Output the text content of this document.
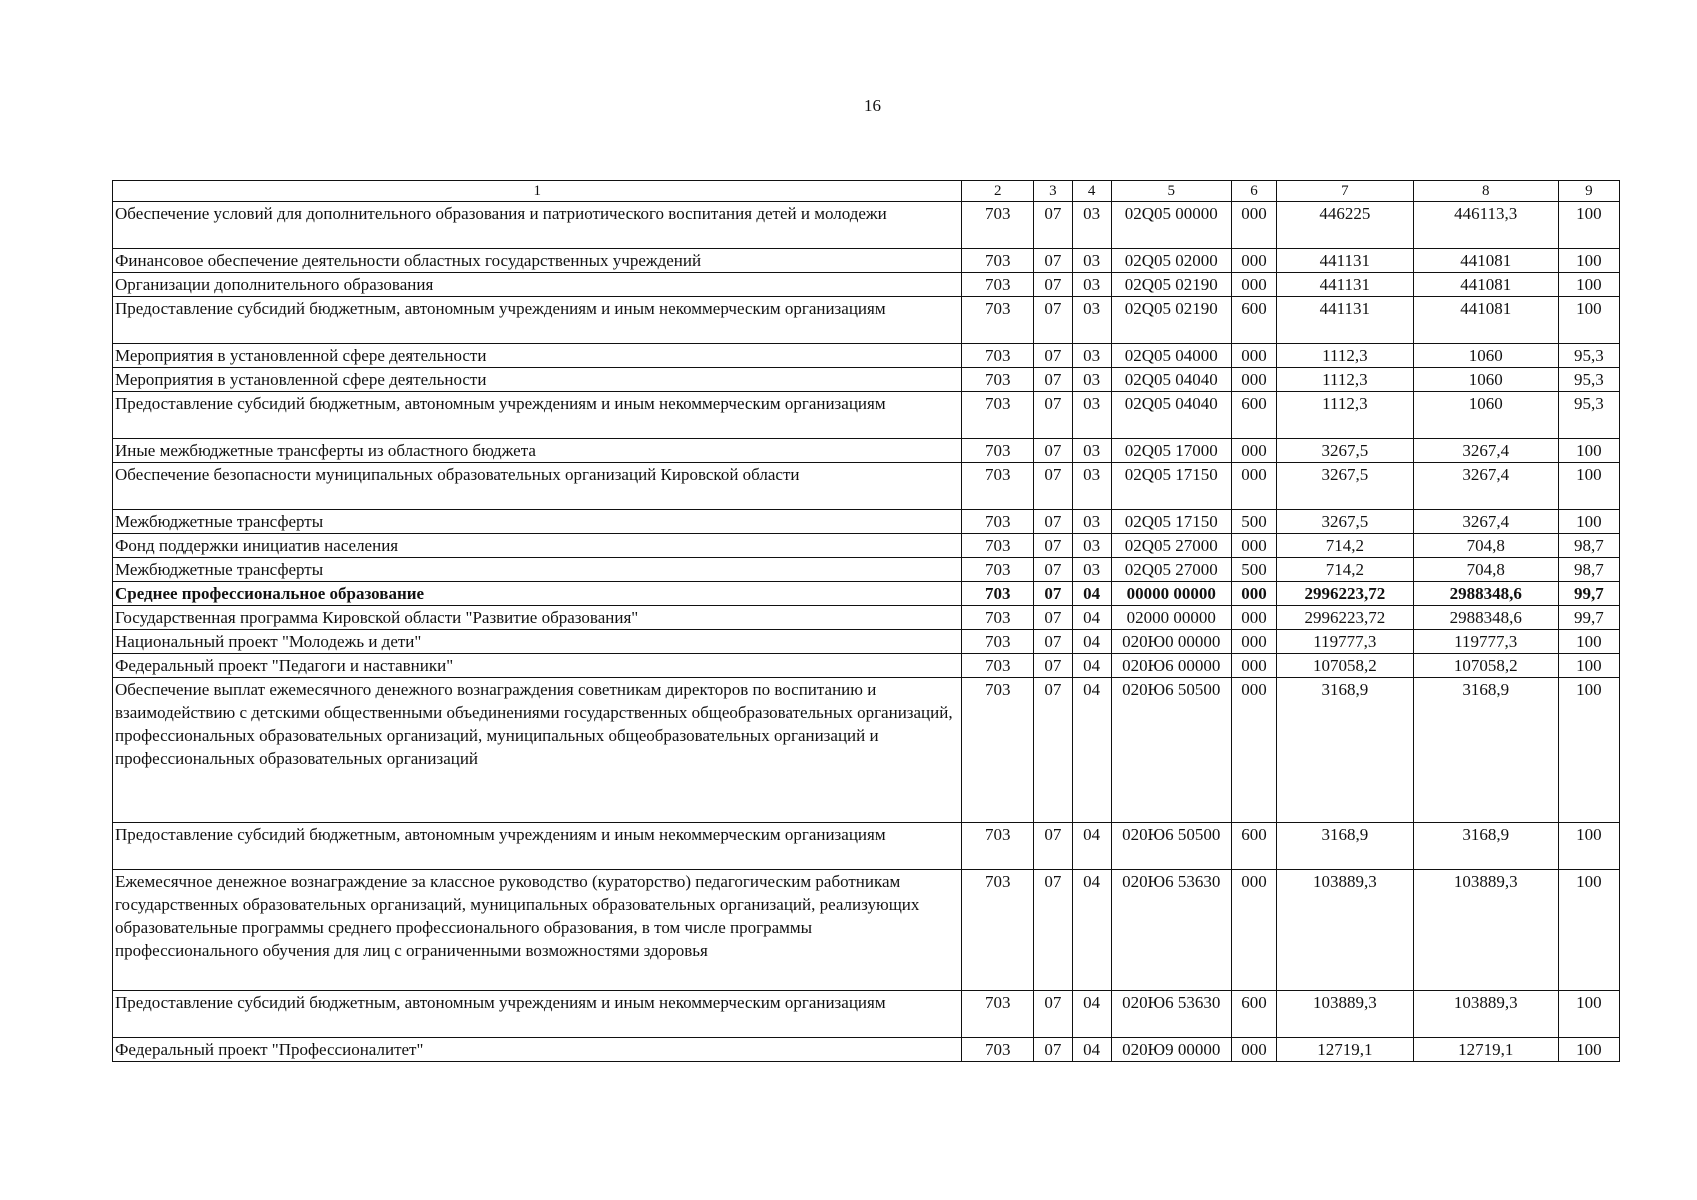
16
1	2	3	4	5	6	7	8	9
Обеспечение условий для дополнительного образования и патриотического воспитания детей и молодежи	703	07	03	02Q05 00000	000	446225	446113,3	100
Финансовое обеспечение деятельности областных государственных учреждений	703	07	03	02Q05 02000	000	441131	441081	100
Организации дополнительного образования	703	07	03	02Q05 02190	000	441131	441081	100
Предоставление субсидий бюджетным, автономным учреждениям и иным некоммерческим организациям	703	07	03	02Q05 02190	600	441131	441081	100
Мероприятия в установленной сфере деятельности	703	07	03	02Q05 04000	000	1112,3	1060	95,3
Мероприятия в установленной сфере деятельности	703	07	03	02Q05 04040	000	1112,3	1060	95,3
Предоставление субсидий бюджетным, автономным учреждениям и иным некоммерческим организациям	703	07	03	02Q05 04040	600	1112,3	1060	95,3
Иные межбюджетные трансферты из областного бюджета	703	07	03	02Q05 17000	000	3267,5	3267,4	100
Обеспечение безопасности муниципальных образовательных организаций Кировской области	703	07	03	02Q05 17150	000	3267,5	3267,4	100
Межбюджетные трансферты	703	07	03	02Q05 17150	500	3267,5	3267,4	100
Фонд поддержки инициатив населения	703	07	03	02Q05 27000	000	714,2	704,8	98,7
Межбюджетные трансферты	703	07	03	02Q05 27000	500	714,2	704,8	98,7
Среднее профессиональное образование	703	07	04	00000 00000	000	2996223,72	2988348,6	99,7
Государственная программа Кировской области "Развитие образования"	703	07	04	02000 00000	000	2996223,72	2988348,6	99,7
Национальный проект "Молодежь и дети"	703	07	04	020Ю0 00000	000	119777,3	119777,3	100
Федеральный проект "Педагоги и наставники"	703	07	04	020Ю6 00000	000	107058,2	107058,2	100
Обеспечение выплат ежемесячного денежного вознаграждения советникам директоров по воспитанию и взаимодействию с детскими общественными объединениями государственных общеобразовательных организаций, профессиональных образовательных организаций, муниципальных общеобразовательных организаций и профессиональных образовательных организаций	703	07	04	020Ю6 50500	000	3168,9	3168,9	100
Предоставление субсидий бюджетным, автономным учреждениям и иным некоммерческим организациям	703	07	04	020Ю6 50500	600	3168,9	3168,9	100
Ежемесячное денежное вознаграждение за классное руководство (кураторство) педагогическим работникам государственных образовательных организаций, муниципальных образовательных организаций, реализующих образовательные программы среднего профессионального образования, в том числе программы профессионального обучения для лиц с ограниченными возможностями здоровья	703	07	04	020Ю6 53630	000	103889,3	103889,3	100
Предоставление субсидий бюджетным, автономным учреждениям и иным некоммерческим организациям	703	07	04	020Ю6 53630	600	103889,3	103889,3	100
Федеральный проект "Профессионалитет"	703	07	04	020Ю9 00000	000	12719,1	12719,1	100
